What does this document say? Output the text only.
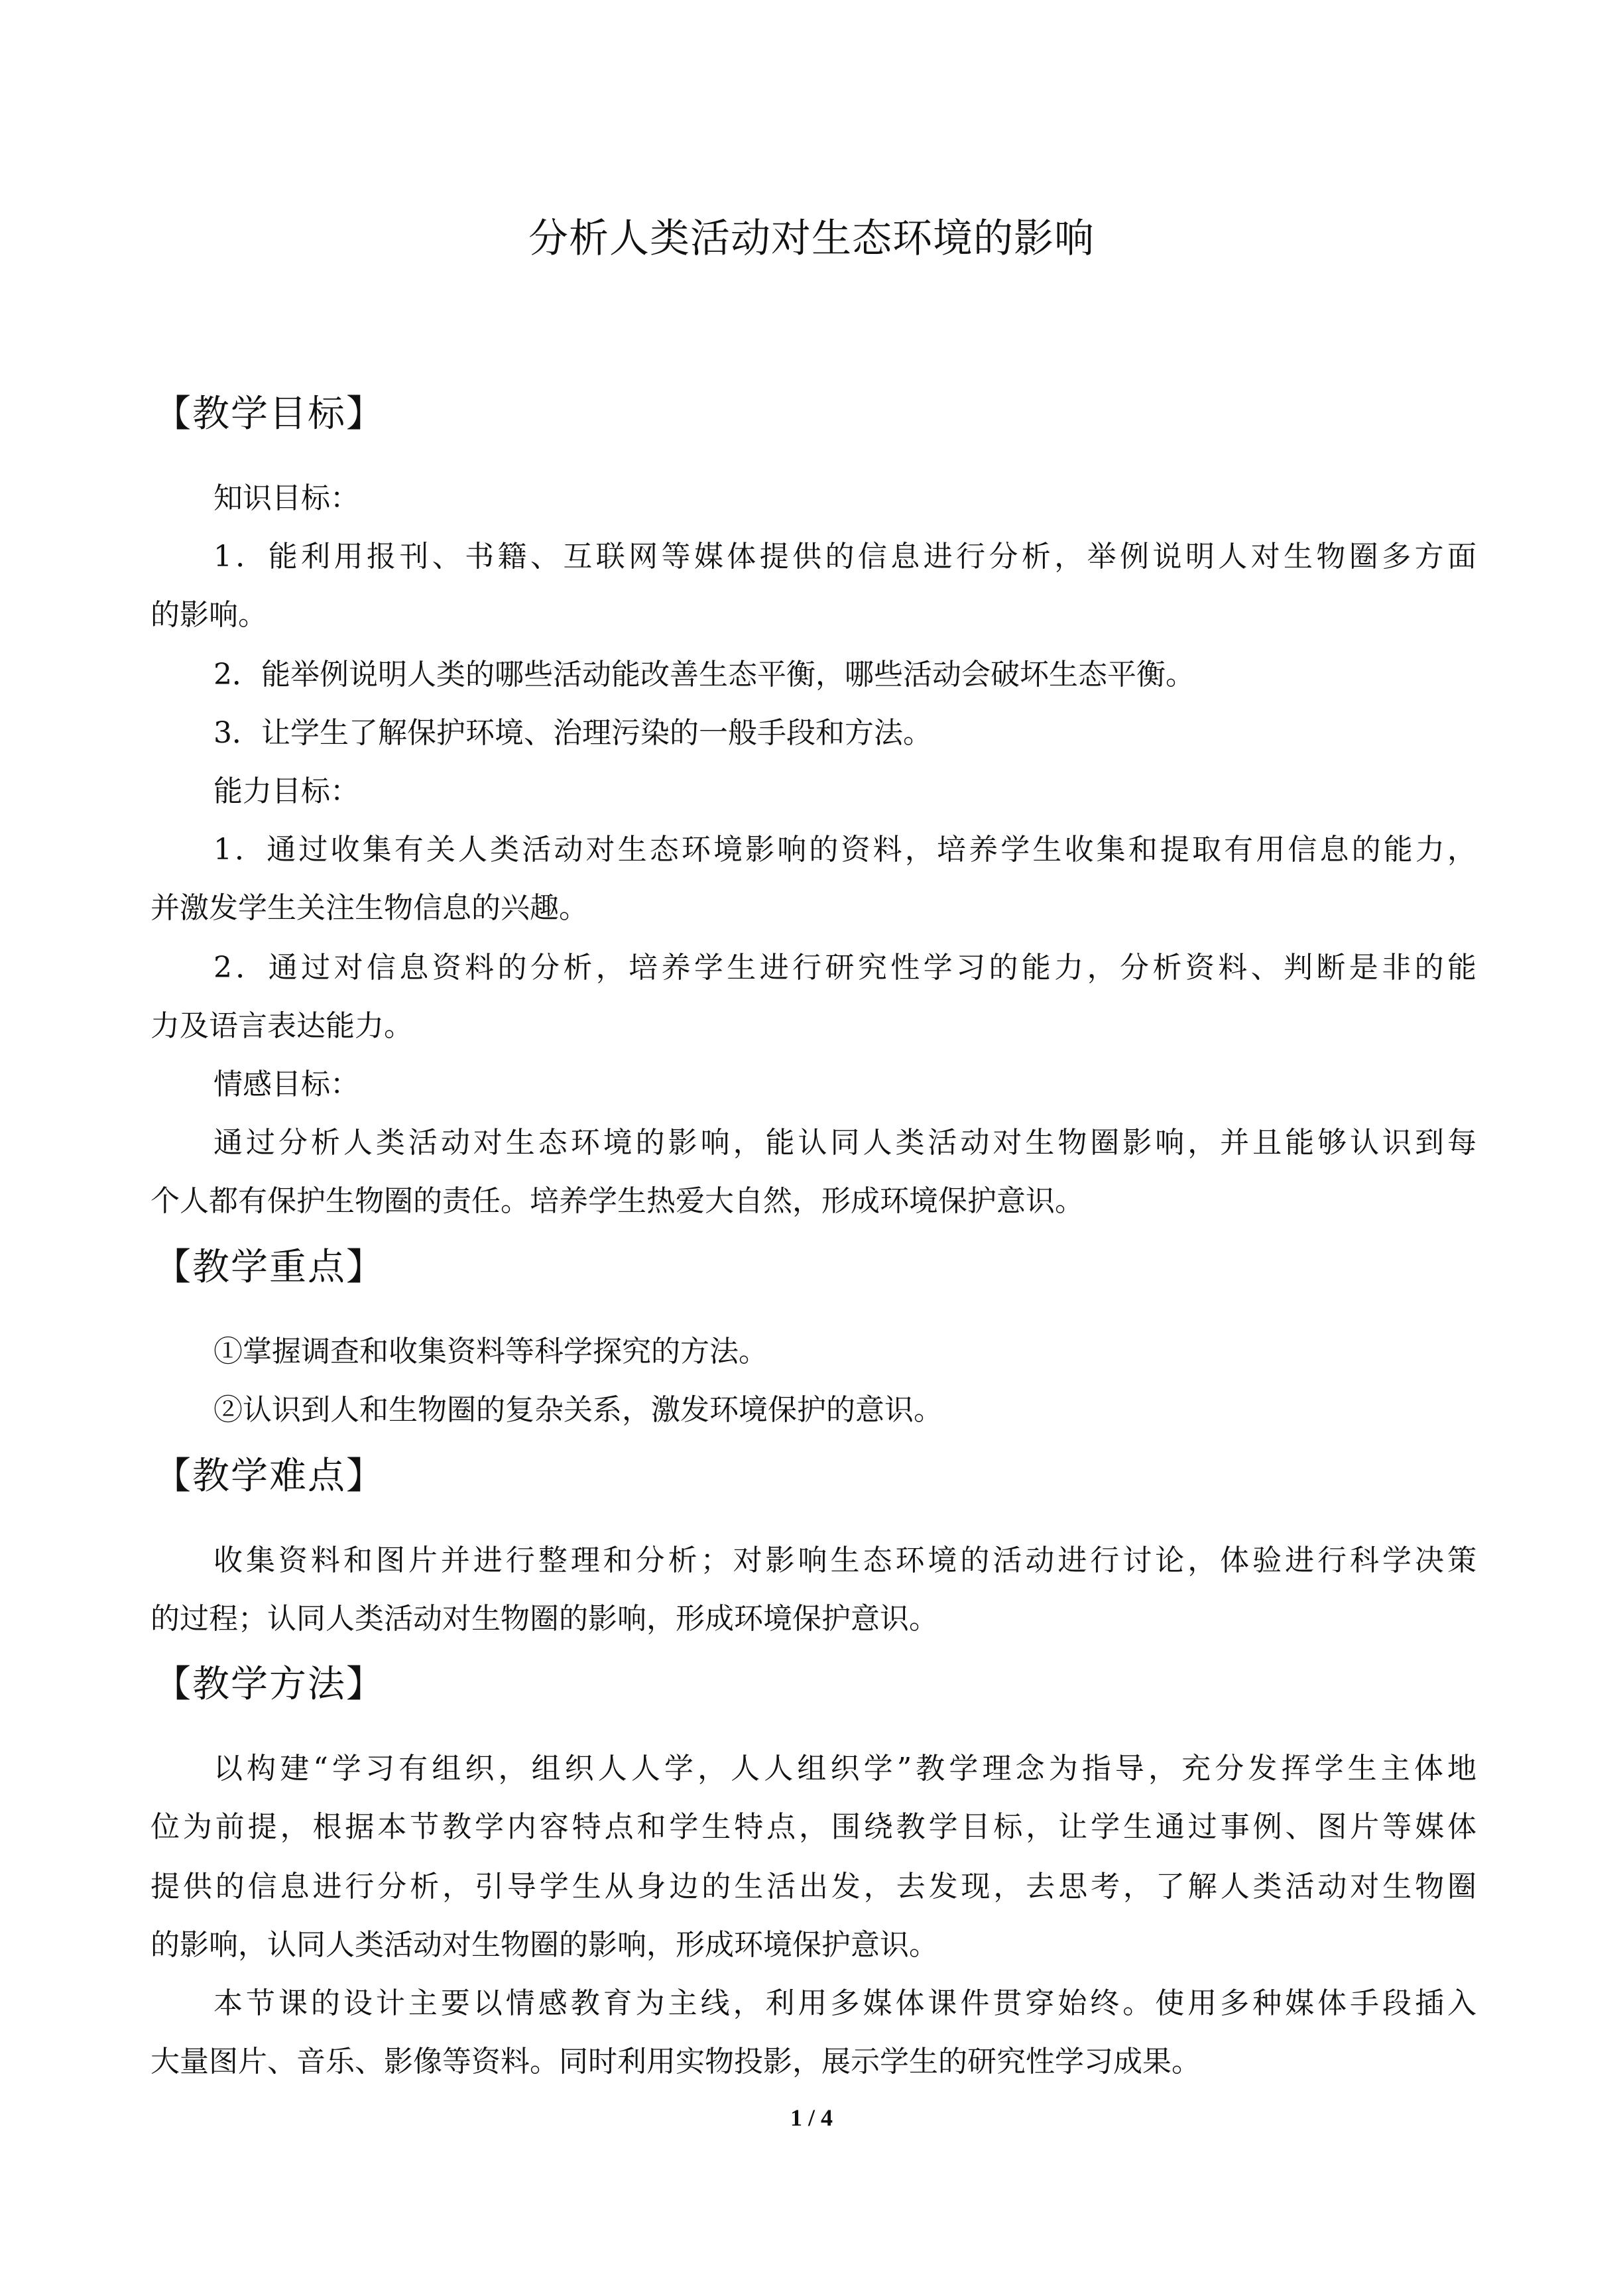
分析人类活动对生态环境的影响
【教学目标】
知识目标：
1．能利用报刊、书籍、互联网等媒体提供的信息进行分析，举例说明人对生物圈多方面
的影响。
2．能举例说明人类的哪些活动能改善生态平衡，哪些活动会破坏生态平衡。
3．让学生了解保护环境、治理污染的一般手段和方法。
能力目标：
1．通过收集有关人类活动对生态环境影响的资料，培养学生收集和提取有用信息的能力，
并激发学生关注生物信息的兴趣。
2．通过对信息资料的分析，培养学生进行研究性学习的能力，分析资料、判断是非的能
力及语言表达能力。
情感目标：
通过分析人类活动对生态环境的影响，能认同人类活动对生物圈影响，并且能够认识到每
个人都有保护生物圈的责任。培养学生热爱大自然，形成环境保护意识。
【教学重点】
①掌握调查和收集资料等科学探究的方法。
②认识到人和生物圈的复杂关系，激发环境保护的意识。
【教学难点】
收集资料和图片并进行整理和分析；对影响生态环境的活动进行讨论，体验进行科学决策
的过程；认同人类活动对生物圈的影响，形成环境保护意识。
【教学方法】
以构建“学习有组织，组织人人学，人人组织学”教学理念为指导，充分发挥学生主体地
位为前提，根据本节教学内容特点和学生特点，围绕教学目标，让学生通过事例、图片等媒体
提供的信息进行分析，引导学生从身边的生活出发，去发现，去思考，了解人类活动对生物圈
的影响，认同人类活动对生物圈的影响，形成环境保护意识。
本节课的设计主要以情感教育为主线，利用多媒体课件贯穿始终。使用多种媒体手段插入
大量图片、音乐、影像等资料。同时利用实物投影，展示学生的研究性学习成果。
1 / 4
